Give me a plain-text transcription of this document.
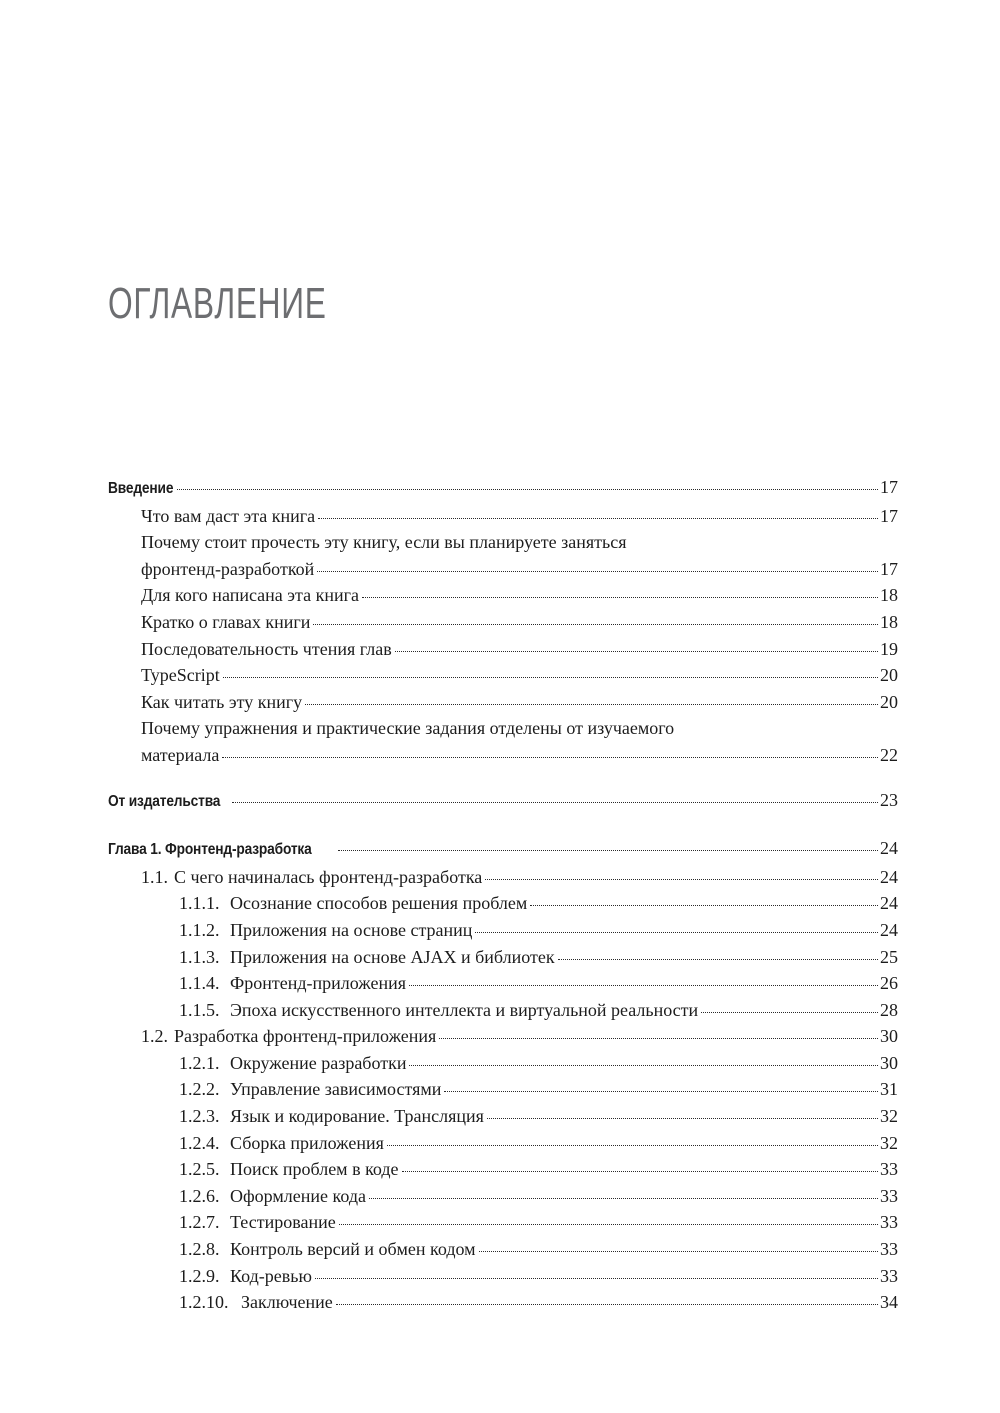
ОГЛАВЛЕНИЕ
Введение	17
Что вам даст эта книга	17
Почему стоит прочесть эту книгу, если вы планируете заняться
фронтенд-разработкой	17
Для кого написана эта книга	18
Кратко о главах книги	18
Последовательность чтения глав	19
TypeScript	20
Как читать эту книгу	20
Почему упражнения и практические задания отделены от изучаемого
материала	22
От издательства	23
Глава 1. Фронтенд-разработка	24
1.1. С чего начиналась фронтенд-разработка	24
1.1.1. Осознание способов решения проблем	24
1.1.2. Приложения на основе страниц	24
1.1.3. Приложения на основе AJAX и библиотек	25
1.1.4. Фронтенд-приложения	26
1.1.5. Эпоха искусственного интеллекта и виртуальной реальности	28
1.2. Разработка фронтенд-приложения	30
1.2.1. Окружение разработки	30
1.2.2. Управление зависимостями	31
1.2.3. Язык и кодирование. Трансляция	32
1.2.4. Сборка приложения	32
1.2.5. Поиск проблем в коде	33
1.2.6. Оформление кода	33
1.2.7. Тестирование	33
1.2.8. Контроль версий и обмен кодом	33
1.2.9. Код-ревью	33
1.2.10. Заключение	34
